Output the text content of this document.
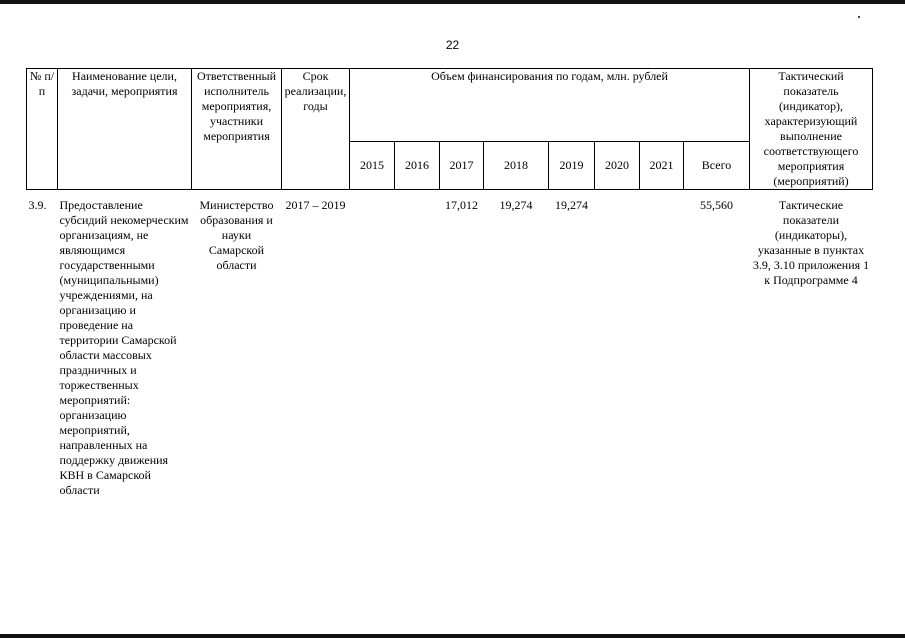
22
№ п/п	Наименование цели, задачи, мероприятия	Ответственный исполнитель мероприятия, участники мероприятия	Срок реализации, годы	Объем финансирования по годам, млн. рублей								Тактический показатель (индикатор), характеризующий выполнение соответствующего мероприятия (мероприятий)
				2015	2016	2017	2018	2019	2020	2021	Всего	
3.9.	Предоставление субсидий некомерческим организациям, не являющимся государственными (муниципальными) учреждениями, на организацию и проведение на территории Самарской области массовых праздничных и торжественных мероприятий: организацию мероприятий, направленных на поддержку движения КВН в Самарской области	Министерство образования и науки Самарской области	2017 – 2019			17,012	19,274	19,274			55,560	Тактические показатели (индикаторы), указанные в пунктах 3.9, 3.10 приложения 1 к Подпрограмме 4
